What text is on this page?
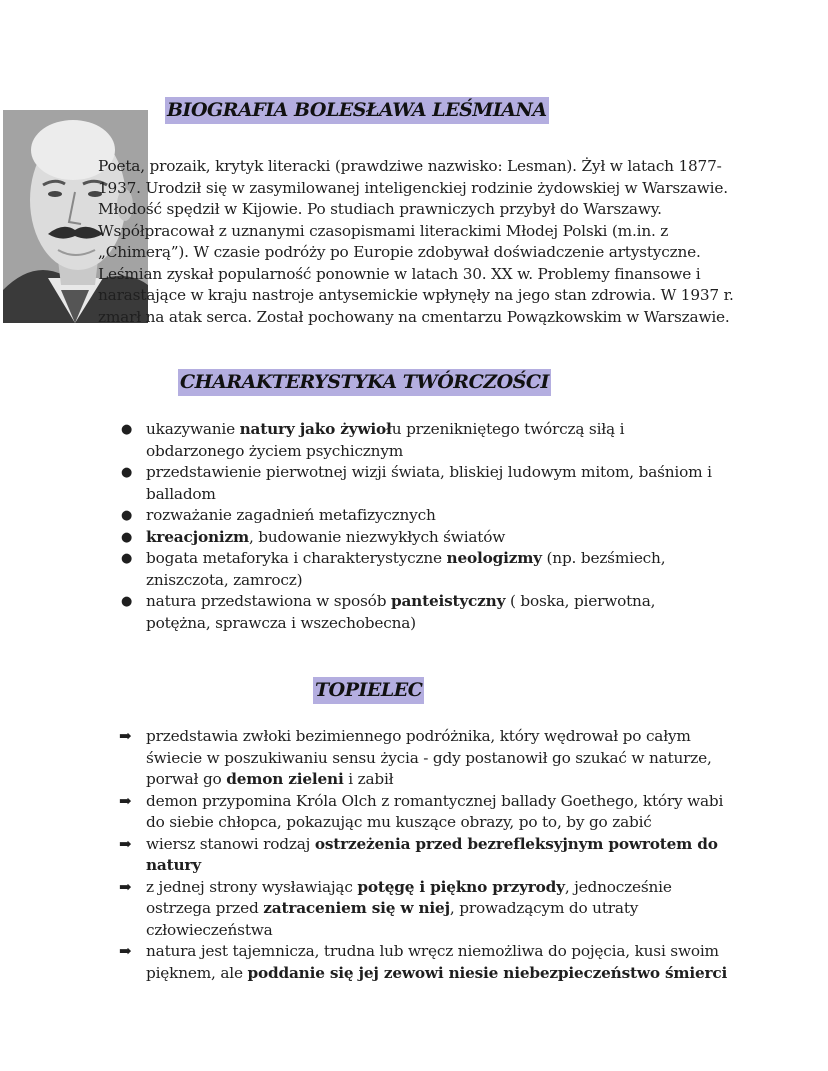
BIOGRAFIA BOLESŁAWA LEŚMIANA

Poeta, prozaik, krytyk literacki (prawdziwe nazwisko: Lesman). Żył w latach 1877-1937. Urodził się w zasymilowanej inteligenckiej rodzinie żydowskiej w Warszawie. Młodość spędził w Kijowie. Po studiach prawniczych przybył do Warszawy. Współpracował z uznanymi czasopismami literackimi Młodej Polski (m.in. z „Chimerą”). W czasie podróży po Europie zdobywał doświadczenie artystyczne. Leśmian zyskał popularność ponownie w latach 30. XX w. Problemy finansowe i narastające w kraju nastroje antysemickie wpłynęły na jego stan zdrowia. W 1937 r. zmarł na atak serca. Został pochowany na cmentarzu Powązkowskim w Warszawie.

CHARAKTERYSTYKA TWÓRCZOŚCI
● ukazywanie natury jako żywiołu przenikniętego twórczą siłą i obdarzonego życiem psychicznym
● przedstawienie pierwotnej wizji świata, bliskiej ludowym mitom, baśniom i balladom
● rozważanie zagadnień metafizycznych
● kreacjonizm, budowanie niezwykłych światów
● bogata metaforyka i charakterystyczne neologizmy (np. bezśmiech, zniszczota, zamrocz)
● natura przedstawiona w sposób panteistyczny ( boska, pierwotna, potężna, sprawcza i wszechobecna)
TOPIELEC
➡ przedstawia zwłoki bezimiennego podróżnika, który wędrował po całym świecie w poszukiwaniu sensu życia - gdy postanowił go szukać w naturze, porwał go demon zieleni i zabił
➡ demon przypomina Króla Olch z romantycznej ballady Goethego, który wabi do siebie chłopca, pokazując mu kuszące obrazy, po to, by go zabić
➡ wiersz stanowi rodzaj ostrzeżenia przed bezrefleksyjnym powrotem do natury
➡ z jednej strony wysławiając potęgę i piękno przyrody, jednocześnie ostrzega przed zatraceniem się w niej, prowadzącym do utraty człowieczeństwa
➡ natura jest tajemnicza, trudna lub wręcz niemożliwa do pojęcia, kusi swoim pięknem, ale poddanie się jej zewowi niesie niebezpieczeństwo śmierci
